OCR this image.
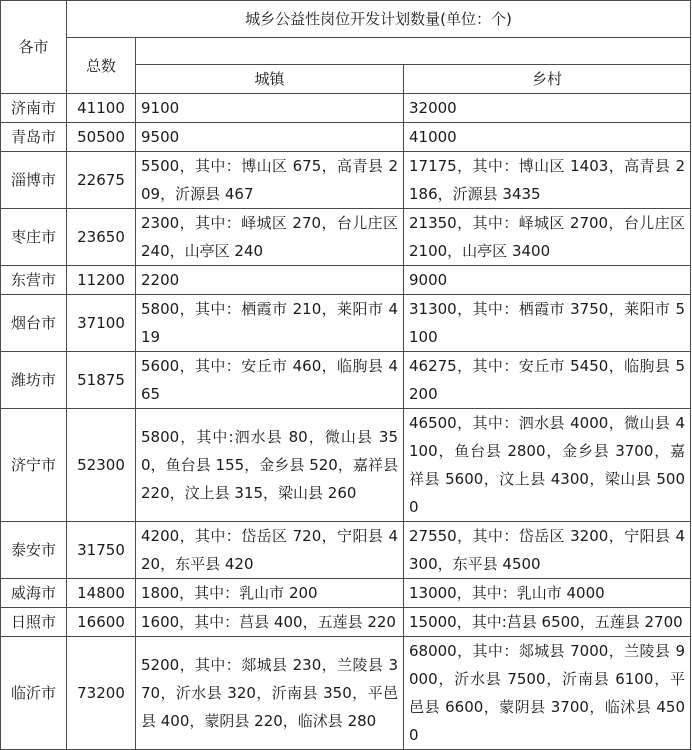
各市	城乡公益性岗位开发计划数量(单位：个)		
	总数		
		城镇	乡村
济南市	41100	9100	32000
青岛市	50500	9500	41000
淄博市	22675	5500，其中：博山区 675，高青县 209，沂源县 467	17175，其中：博山区 1403，高青县 2186，沂源县 3435
枣庄市	23650	2300，其中：峄城区 270，台儿庄区 240，山亭区 240	21350，其中：峄城区 2700，台儿庄区 2100，山亭区 3400
东营市	11200	2200	9000
烟台市	37100	5800，其中：栖霞市 210，莱阳市 419	31300，其中：栖霞市 3750，莱阳市 5100
潍坊市	51875	5600，其中：安丘市 460，临朐县 465	46275，其中：安丘市 5450，临朐县 5200
济宁市	52300	5800，其中:泗水县 80，微山县 350，鱼台县 155，金乡县 520，嘉祥县 220，汶上县 315，梁山县 260	46500，其中：泗水县 4000，微山县 4100，鱼台县 2800，金乡县 3700，嘉祥县 5600，汶上县 4300，梁山县 5000
泰安市	31750	4200，其中：岱岳区 720，宁阳县 420，东平县 420	27550，其中：岱岳区 3200，宁阳县 4300，东平县 4500
威海市	14800	1800，其中：乳山市 200	13000，其中：乳山市 4000
日照市	16600	1600，其中：莒县 400，五莲县 220	15000，其中:莒县 6500，五莲县 2700
临沂市	73200	5200，其中：郯城县 230，兰陵县 370，沂水县 320，沂南县 350，平邑县 400，蒙阴县 220，临沭县 280	68000，其中：郯城县 7000，兰陵县 9000，沂水县 7500，沂南县 6100，平邑县 6600，蒙阴县 3700，临沭县 4500
